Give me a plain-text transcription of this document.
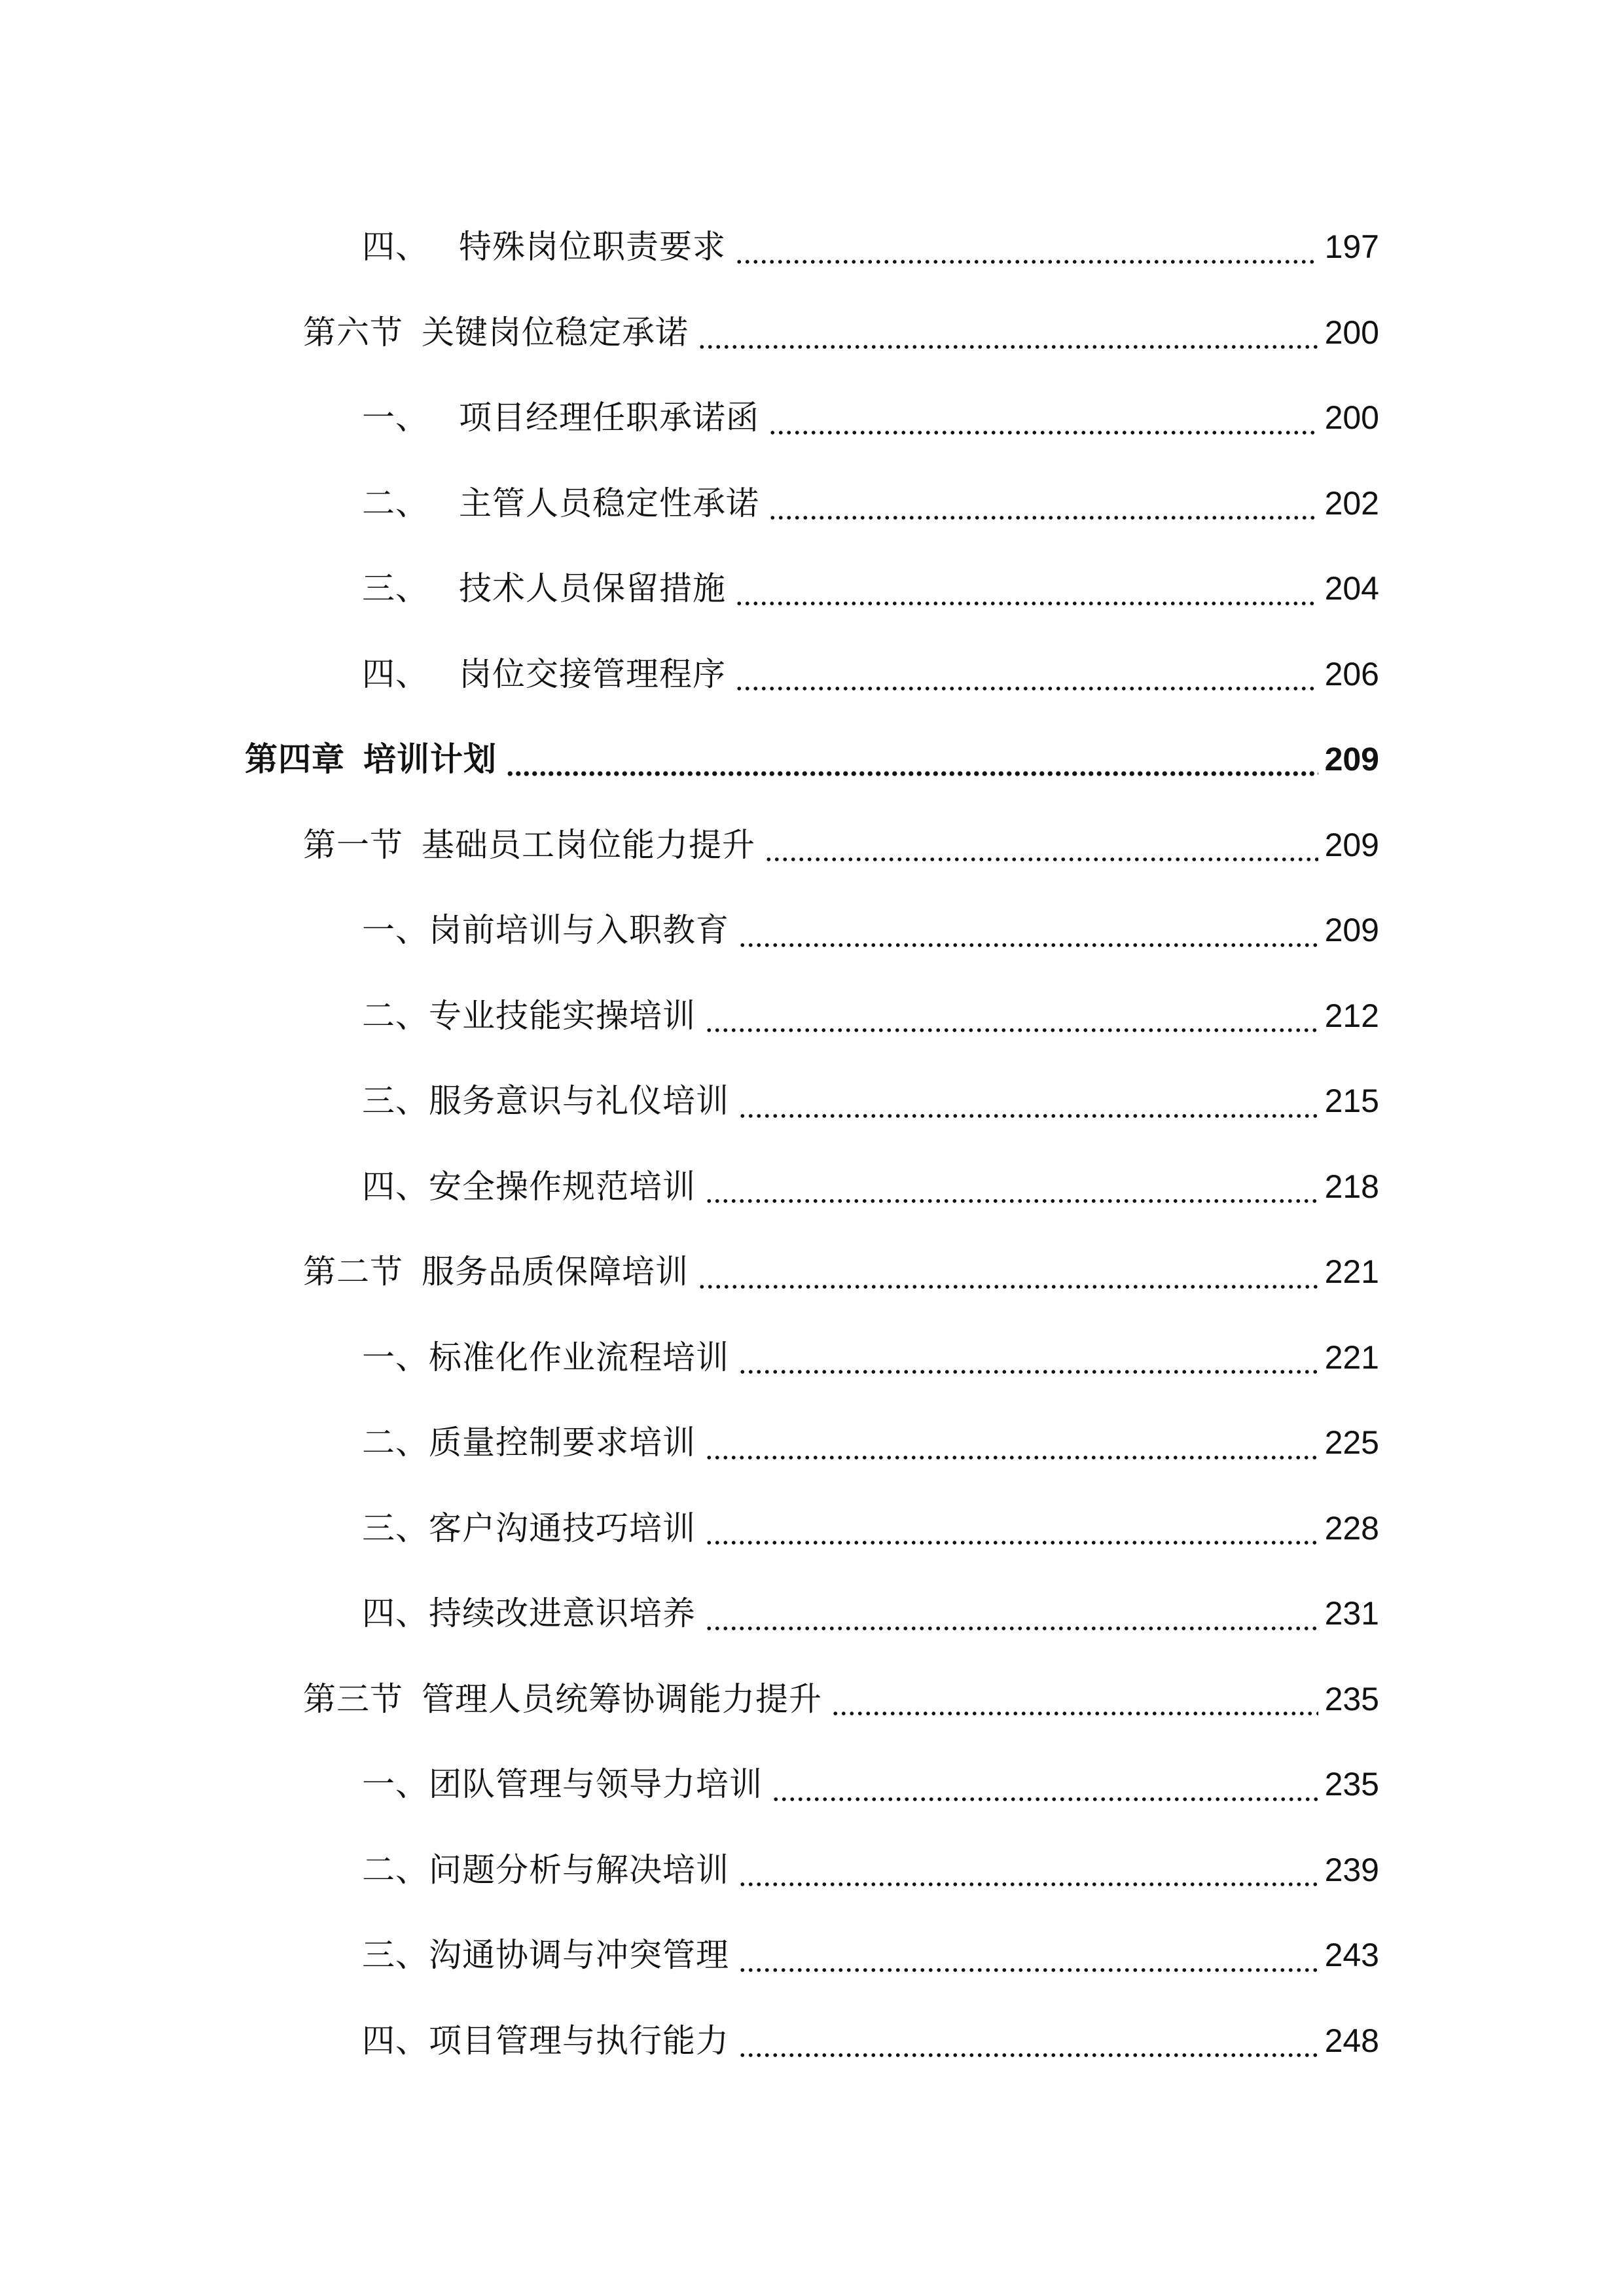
四、 特殊岗位职责要求	197
第六节 关键岗位稳定承诺	200
一、 项目经理任职承诺函	200
二、 主管人员稳定性承诺	202
三、 技术人员保留措施	204
四、 岗位交接管理程序	206
第四章 培训计划	209
第一节 基础员工岗位能力提升	209
一、岗前培训与入职教育	209
二、专业技能实操培训	212
三、服务意识与礼仪培训	215
四、安全操作规范培训	218
第二节 服务品质保障培训	221
一、标准化作业流程培训	221
二、质量控制要求培训	225
三、客户沟通技巧培训	228
四、持续改进意识培养	231
第三节 管理人员统筹协调能力提升	235
一、团队管理与领导力培训	235
二、问题分析与解决培训	239
三、沟通协调与冲突管理	243
四、项目管理与执行能力	248
